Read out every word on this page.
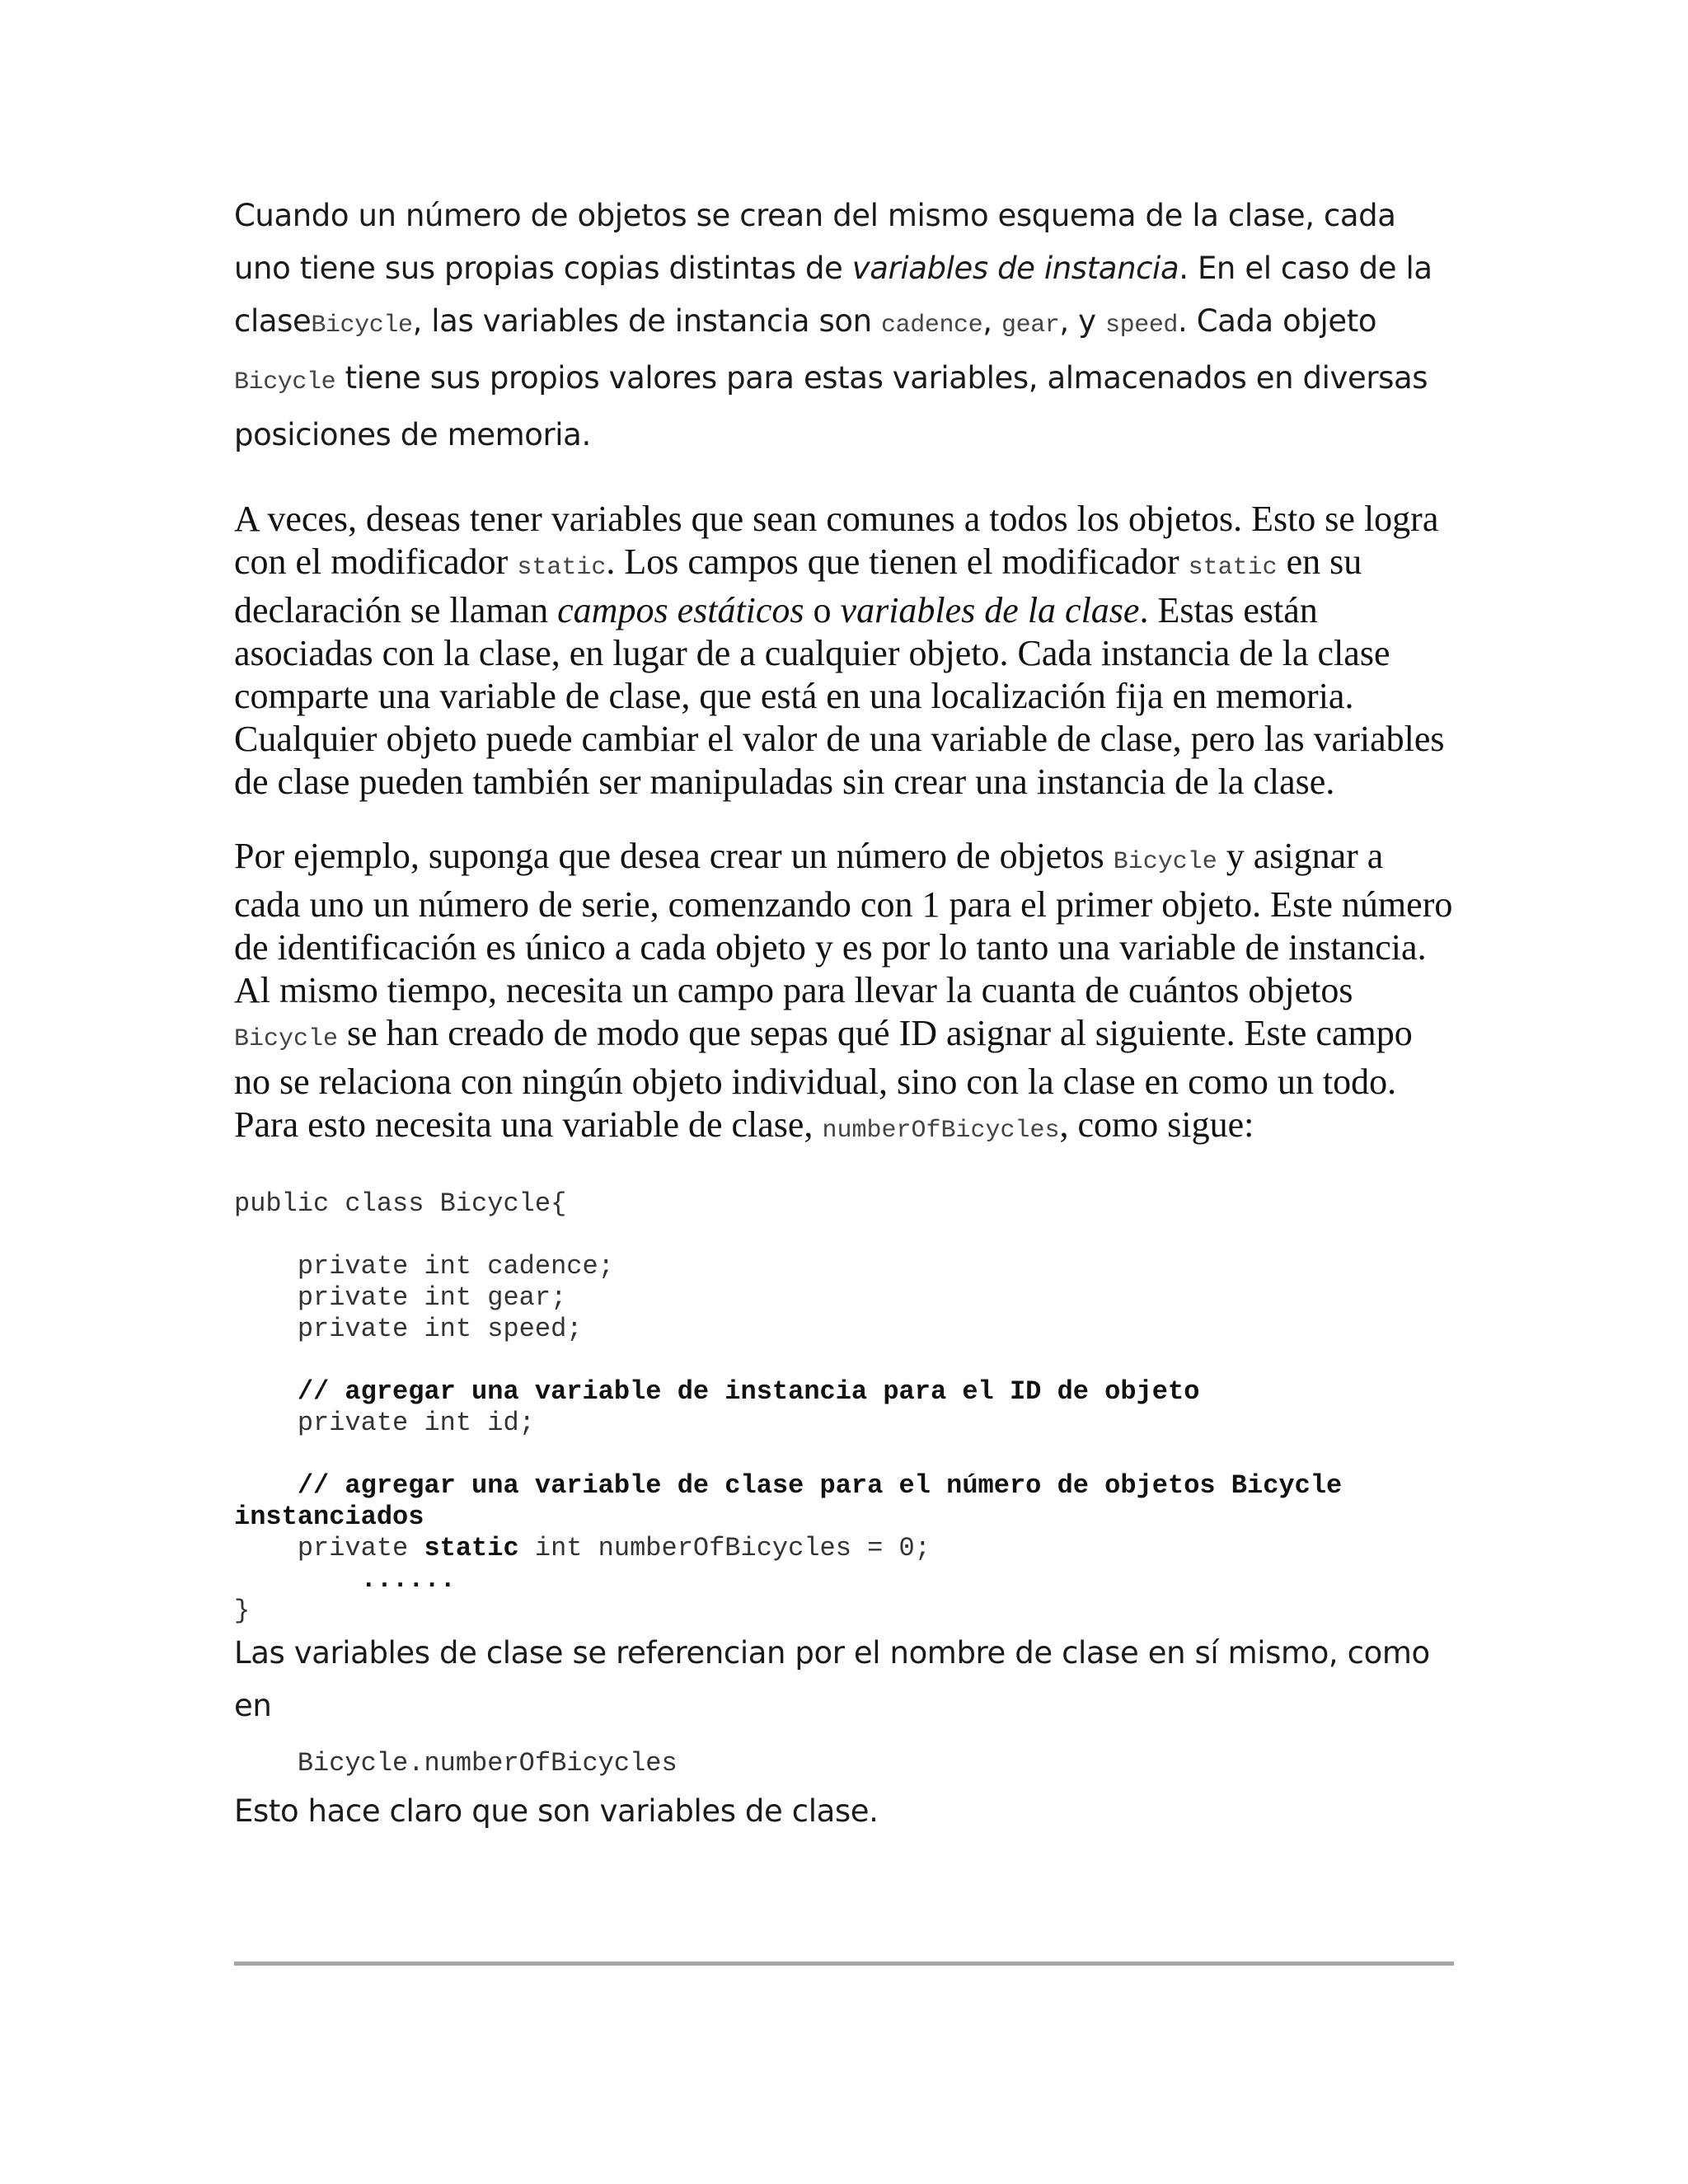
Cuando un número de objetos se crean del mismo esquema de la clase, cada uno tiene sus propias copias distintas de variables de instancia. En el caso de la claseBicycle, las variables de instancia son cadence, gear, y speed. Cada objeto Bicycle tiene sus propios valores para estas variables, almacenados en diversas posiciones de memoria.

A veces, deseas tener variables que sean comunes a todos los objetos. Esto se logra con el modificador static. Los campos que tienen el modificador static en su declaración se llaman campos estáticos o variables de la clase. Estas están asociadas con la clase, en lugar de a cualquier objeto. Cada instancia de la clase comparte una variable de clase, que está en una localización fija en memoria. Cualquier objeto puede cambiar el valor de una variable de clase, pero las variables de clase pueden también ser manipuladas sin crear una instancia de la clase.

Por ejemplo, suponga que desea crear un número de objetos Bicycle y asignar a cada uno un número de serie, comenzando con 1 para el primer objeto. Este número de identificación es único a cada objeto y es por lo tanto una variable de instancia. Al mismo tiempo, necesita un campo para llevar la cuanta de cuántos objetos Bicycle se han creado de modo que sepas qué ID asignar al siguiente. Este campo no se relaciona con ningún objeto individual, sino con la clase en como un todo. Para esto necesita una variable de clase, numberOfBicycles, como sigue:

public class Bicycle{

private int cadence;
private int gear;
private int speed;

// agregar una variable de instancia para el ID de objeto
private int id;

// agregar una variable de clase para el número de objetos Bicycle
instanciados
private static int numberOfBicycles = 0;
......
}

Las variables de clase se referencian por el nombre de clase en sí mismo, como en

Bicycle.numberOfBicycles

Esto hace claro que son variables de clase.
